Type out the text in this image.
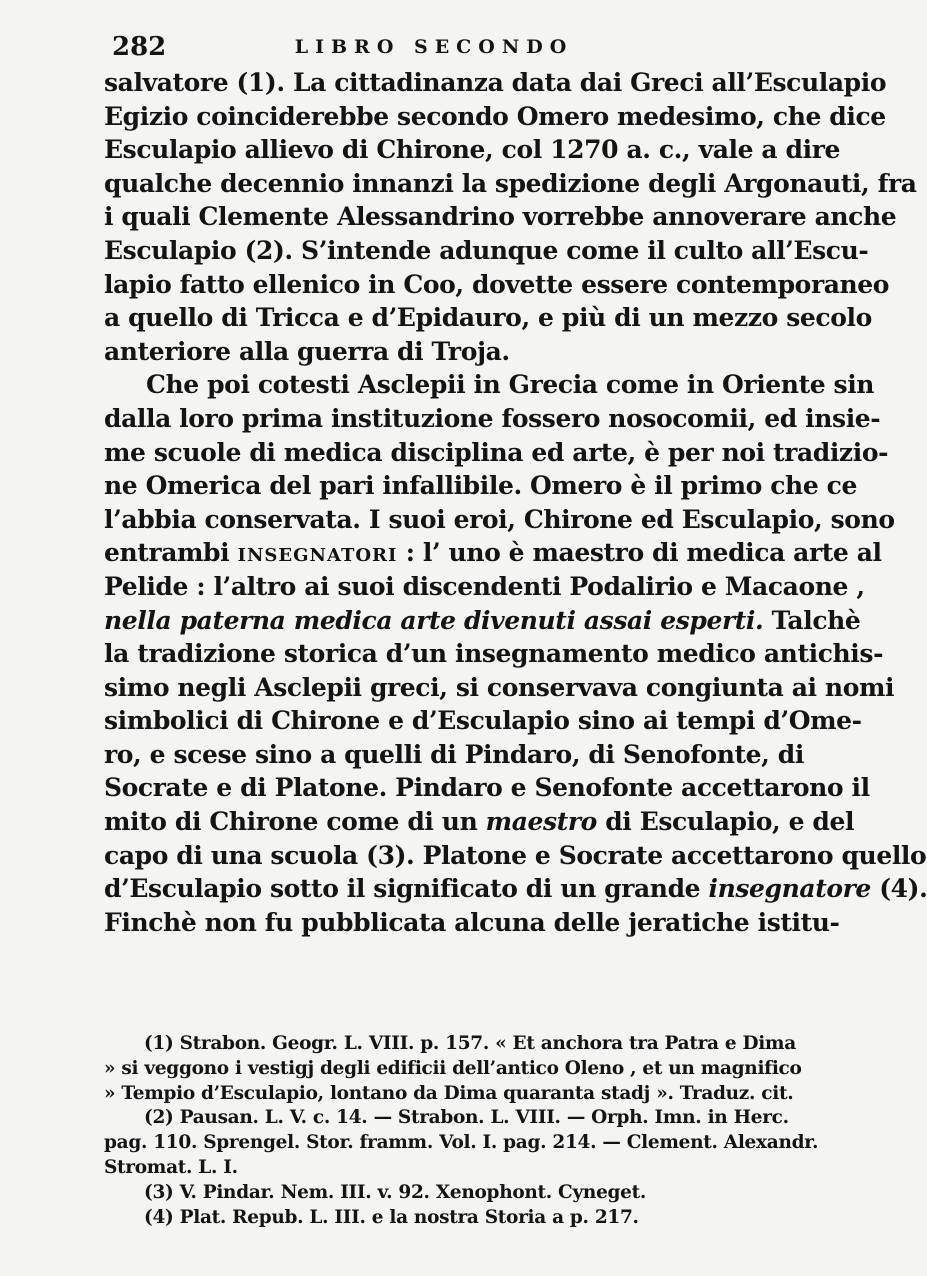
282	LIBRO SECONDO
salvatore (1). La cittadinanza data dai Greci all’Esculapio
Egizio coinciderebbe secondo Omero medesimo, che dice
Esculapio allievo di Chirone, col 1270 a. c., vale a dire
qualche decennio innanzi la spedizione degli Argonauti, fra
i quali Clemente Alessandrino vorrebbe annoverare anche
Esculapio (2). S’intende adunque come il culto all’Escu-
lapio fatto ellenico in Coo, dovette essere contemporaneo
a quello di Tricca e d’Epidauro, e più di un mezzo secolo
anteriore alla guerra di Troja.
Che poi cotesti Asclepii in Grecia come in Oriente sin
dalla loro prima instituzione fossero nosocomii, ed insie-
me scuole di medica disciplina ed arte, è per noi tradizio-
ne Omerica del pari infallibile. Omero è il primo che ce
l’abbia conservata. I suoi eroi, Chirone ed Esculapio, sono
entrambi INSEGNATORI : l’ uno è maestro di medica arte al
Pelide : l’altro ai suoi discendenti Podalirio e Macaone ,
nella paterna medica arte divenuti assai esperti. Talchè
la tradizione storica d’un insegnamento medico antichis-
simo negli Asclepii greci, si conservava congiunta ai nomi
simbolici di Chirone e d’Esculapio sino ai tempi d’Ome-
ro, e scese sino a quelli di Pindaro, di Senofonte, di
Socrate e di Platone. Pindaro e Senofonte accettarono il
mito di Chirone come di un maestro di Esculapio, e del
capo di una scuola (3). Platone e Socrate accettarono quello
d’Esculapio sotto il significato di un grande insegnatore (4).
Finchè non fu pubblicata alcuna delle jeratiche istitu-
(1) Strabon. Geogr. L. VIII. p. 157. « Et anchora tra Patra e Dima
» si veggono i vestigj degli edificii dell’antico Oleno , et un magnifico
» Tempio d’Esculapio, lontano da Dima quaranta stadj ». Traduz. cit.
(2) Pausan. L. V. c. 14. — Strabon. L. VIII. — Orph. Imn. in Herc.
pag. 110. Sprengel. Stor. framm. Vol. I. pag. 214. — Clement. Alexandr.
Stromat. L. I.
(3) V. Pindar. Nem. III. v. 92. Xenophont. Cyneget.
(4) Plat. Repub. L. III. e la nostra Storia a p. 217.
